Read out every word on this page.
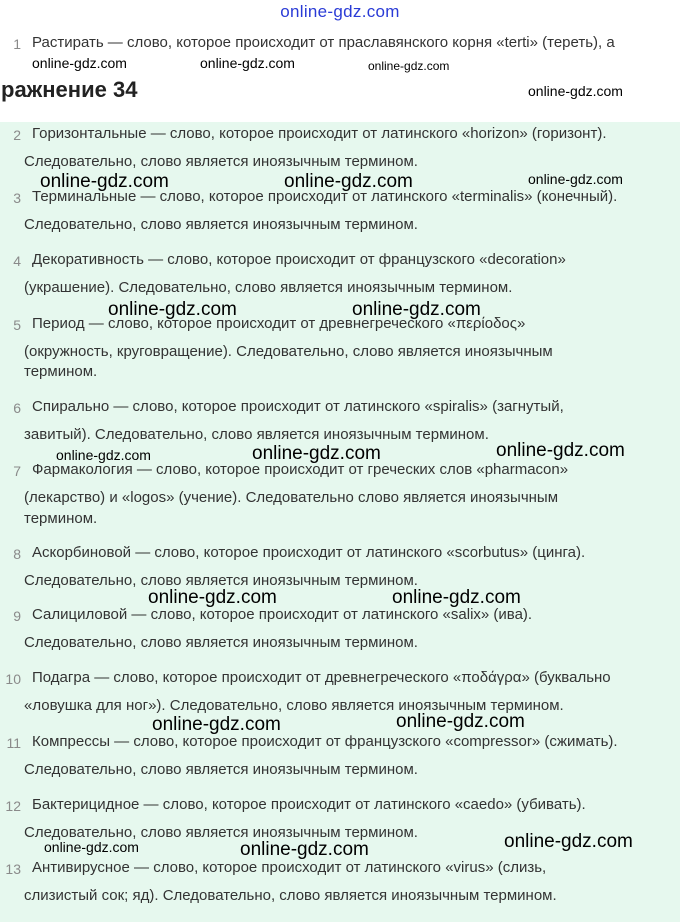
online-gdz.com
ражнение 34
1 Растирать — слово, которое происходит от праславянского корня «terti» (тереть), а
2 Горизонтальные — слово, которое происходит от латинского «horizon» (горизонт).
Следовательно, слово является иноязычным термином.
3 Терминальные — слово, которое происходит от латинского «terminalis» (конечный).
Следовательно, слово является иноязычным термином.
4 Декоративность — слово, которое происходит от французского «decoration»
(украшение). Следовательно, слово является иноязычным термином.
5 Период — слово, которое происходит от древнегреческого «περίοδος»
(окружность, круговращение). Следовательно, слово является иноязычным
термином.
6 Спирально — слово, которое происходит от латинского «spiralis» (загнутый,
завитый). Следовательно, слово является иноязычным термином.
7 Фармакология — слово, которое происходит от греческих слов «pharmacon»
(лекарство) и «logos» (учение). Следовательно слово является иноязычным
термином.
8 Аскорбиновой — слово, которое происходит от латинского «scorbutus» (цинга).
Следовательно, слово является иноязычным термином.
9 Салициловой — слово, которое происходит от латинского «salix» (ива).
Следовательно, слово является иноязычным термином.
10 Подагра — слово, которое происходит от древнегреческого «ποδάγρα» (буквально
«ловушка для ног»). Следовательно, слово является иноязычным термином.
11 Компрессы — слово, которое происходит от французского «compressor» (сжимать).
Следовательно, слово является иноязычным термином.
12 Бактерицидное — слово, которое происходит от латинского «caedo» (убивать).
Следовательно, слово является иноязычным термином.
13 Антивирусное — слово, которое происходит от латинского «virus» (слизь,
слизистый сок; яд). Следовательно, слово является иноязычным термином.
online-gdz.com	online-gdz.com	online-gdz.com
online-gdz.com
online-gdz.com	online-gdz.com	online-gdz.com
online-gdz.com	online-gdz.com
online-gdz.com	online-gdz.com	online-gdz.com
online-gdz.com	online-gdz.com
online-gdz.com	online-gdz.com
online-gdz.com	online-gdz.com	online-gdz.com
